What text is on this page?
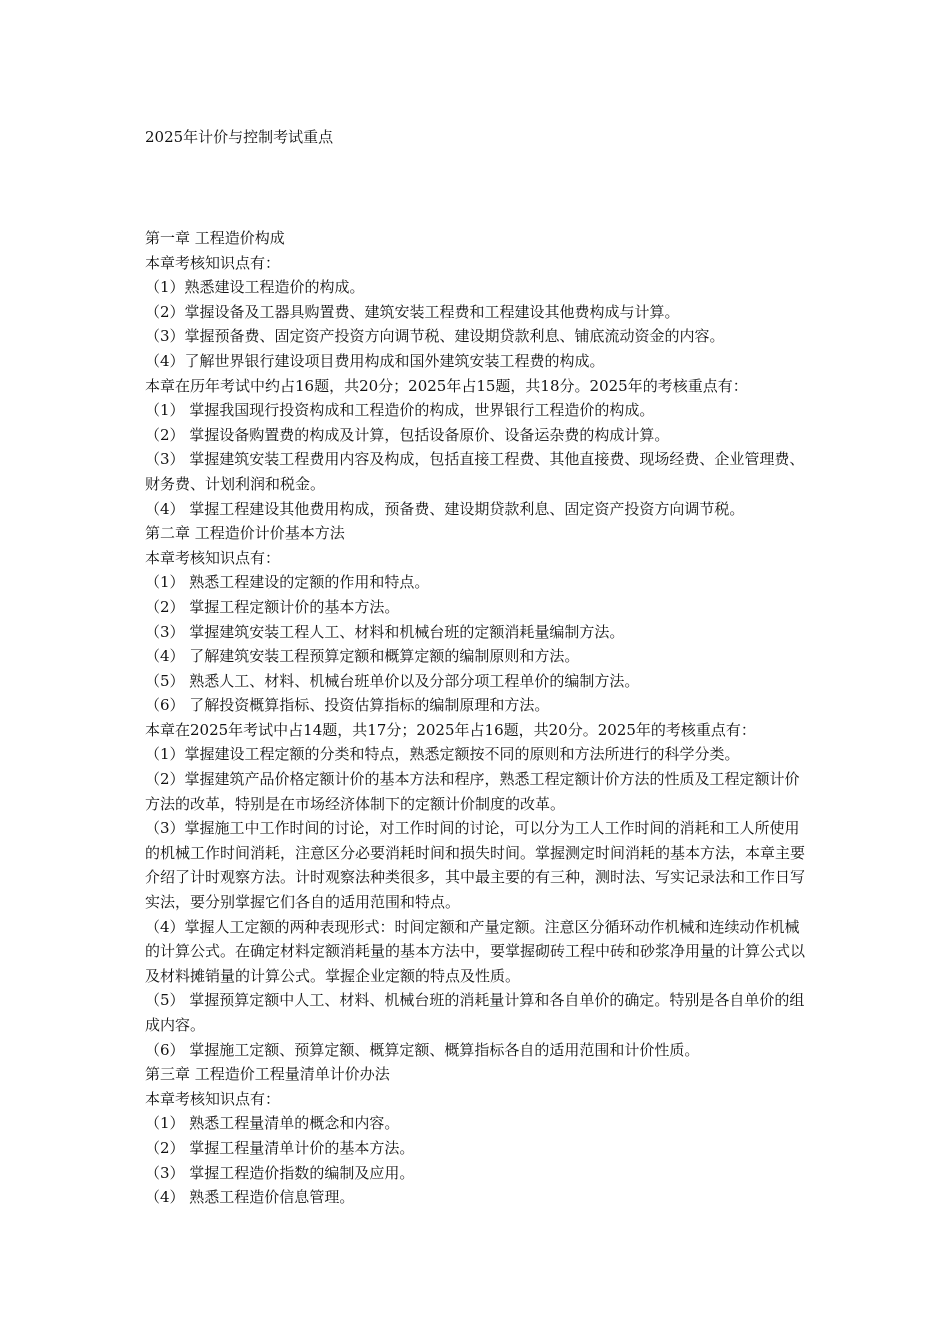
2025年计价与控制考试重点

第一章 工程造价构成

本章考核知识点有：

（1）熟悉建设工程造价的构成。

（2）掌握设备及工器具购置费、建筑安装工程费和工程建设其他费构成与计算。

（3）掌握预备费、固定资产投资方向调节税、建设期贷款利息、铺底流动资金的内容。

（4）了解世界银行建设项目费用构成和国外建筑安装工程费的构成。

本章在历年考试中约占16题，共20分；2025年占15题，共18分。2025年的考核重点有：

（1） 掌握我国现行投资构成和工程造价的构成，世界银行工程造价的构成。

（2） 掌握设备购置费的构成及计算，包括设备原价、设备运杂费的构成计算。

（3） 掌握建筑安装工程费用内容及构成，包括直接工程费、其他直接费、现场经费、企业管理费、财务费、计划利润和税金。

（4） 掌握工程建设其他费用构成，预备费、建设期贷款利息、固定资产投资方向调节税。

第二章 工程造价计价基本方法

本章考核知识点有：

（1） 熟悉工程建设的定额的作用和特点。

（2） 掌握工程定额计价的基本方法。

（3） 掌握建筑安装工程人工、材料和机械台班的定额消耗量编制方法。

（4） 了解建筑安装工程预算定额和概算定额的编制原则和方法。

（5） 熟悉人工、材料、机械台班单价以及分部分项工程单价的编制方法。

（6） 了解投资概算指标、投资估算指标的编制原理和方法。

本章在2025年考试中占14题，共17分；2025年占16题，共20分。2025年的考核重点有：

（1）掌握建设工程定额的分类和特点，熟悉定额按不同的原则和方法所进行的科学分类。

（2）掌握建筑产品价格定额计价的基本方法和程序，熟悉工程定额计价方法的性质及工程定额计价方法的改革，特别是在市场经济体制下的定额计价制度的改革。

（3）掌握施工中工作时间的讨论，对工作时间的讨论，可以分为工人工作时间的消耗和工人所使用的机械工作时间消耗，注意区分必要消耗时间和损失时间。掌握测定时间消耗的基本方法，本章主要介绍了计时观察方法。计时观察法种类很多，其中最主要的有三种，测时法、写实记录法和工作日写实法，要分别掌握它们各自的适用范围和特点。

（4）掌握人工定额的两种表现形式：时间定额和产量定额。注意区分循环动作机械和连续动作机械的计算公式。在确定材料定额消耗量的基本方法中，要掌握砌砖工程中砖和砂浆净用量的计算公式以及材料摊销量的计算公式。掌握企业定额的特点及性质。

（5） 掌握预算定额中人工、材料、机械台班的消耗量计算和各自单价的确定。特别是各自单价的组成内容。

（6） 掌握施工定额、预算定额、概算定额、概算指标各自的适用范围和计价性质。

第三章 工程造价工程量清单计价办法

本章考核知识点有：

（1） 熟悉工程量清单的概念和内容。

（2） 掌握工程量清单计价的基本方法。

（3） 掌握工程造价指数的编制及应用。

（4） 熟悉工程造价信息管理。
